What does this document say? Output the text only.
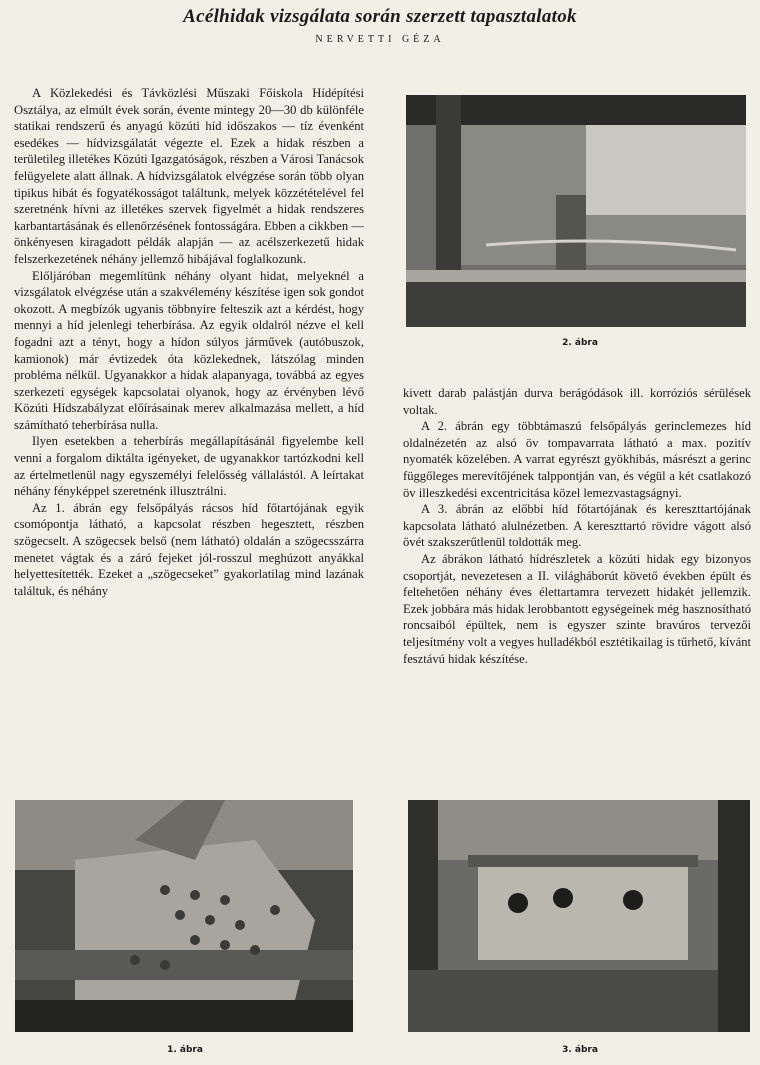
Acélhidak vizsgálata során szerzett tapasztalatok
NERVETTI GÉZA

A Közlekedési és Távközlési Műszaki Főiskola Hídépítési Osztálya, az elmúlt évek során, évente mintegy 20—30 db különféle statikai rendszerű és anyagú közúti híd időszakos — tíz évenként esedékes — hídvizsgálatát végezte el. Ezek a hidak részben a területileg illetékes Közúti Igazgatóságok, részben a Városi Tanácsok felügyelete alatt állnak. A hídvizsgálatok elvégzése során több olyan tipikus hibát és fogyatékosságot találtunk, melyek közzétételével fel szeretnénk hívni az illetékes szervek figyelmét a hidak rendszeres karbantartásának és ellenőrzésének fontosságára. Ebben a cikkben — önkényesen kiragadott példák alapján — az acélszerkezetű hidak felszerkezetének néhány jellemző hibájával foglalkozunk.

Előljáróban megemlítünk néhány olyant hidat, melyeknél a vizsgálatok elvégzése után a szakvélemény készítése igen sok gondot okozott. A megbízók ugyanis többnyire felteszik azt a kérdést, hogy mennyi a híd jelenlegi teherbírása. Az egyik oldalról nézve el kell fogadni azt a tényt, hogy a hídon súlyos járművek (autóbuszok, kamionok) már évtizedek óta közlekednek, látszólag minden probléma nélkül. Ugyanakkor a hidak alapanyaga, továbbá az egyes szerkezeti egységek kapcsolatai olyanok, hogy az érvényben lévő Közúti Hídszabályzat előírásainak merev alkalmazása mellett, a híd számítható teherbírása nulla.

Ilyen esetekben a teherbírás megállapításánál figyelembe kell venni a forgalom diktálta igényeket, de ugyanakkor tartózkodni kell az értelmetlenül nagy egyszemélyi felelősség vállalástól. A leírtakat néhány fényképpel szeretnénk illusztrálni.

Az 1. ábrán egy felsőpályás rácsos híd főtartójának egyik csomópontja látható, a kapcsolat részben hegesztett, részben szögecselt. A szögecsek belső (nem látható) oldalán a szögecsszárra menetet vágtak és a záró fejeket jól-rosszul meghúzott anyákkal helyettesítették. Ezeket a „szögecseket” gyakorlatilag mind lazának találtuk, és néhány

kivett darab palástján durva berágódások ill. korróziós sérülések voltak.

A 2. ábrán egy többtámaszú felsőpályás gerinclemezes híd oldalnézetén az alsó öv tompavarrata látható a max. pozitív nyomaték közelében. A varrat egyrészt gyökhibás, másrészt a gerinc függőleges merevítőjének talppontján van, és végül a két csatlakozó öv illeszkedési excentricitása közel lemezvastagságnyi.

A 3. ábrán az előbbi híd főtartójának és kereszttartójának kapcsolata látható alulnézetben. A kereszttartó rövidre vágott alsó övét szakszerűtlenül toldották meg.

Az ábrákon látható hídrészletek a közúti hidak egy bizonyos csoportját, nevezetesen a II. világháborút követő években épült és feltehetően néhány éves élettartamra tervezett hidakét jellemzik. Ezek jobbára más hidak lerobbantott egységeinek még hasznosítható roncsaiból épültek, nem is egyszer szinte bravúros tervezői teljesítmény volt a vegyes hulladékból esztétikailag is tűrhető, kívánt fesztávú hidak készítése.

2. ábra
1. ábra	3. ábra
